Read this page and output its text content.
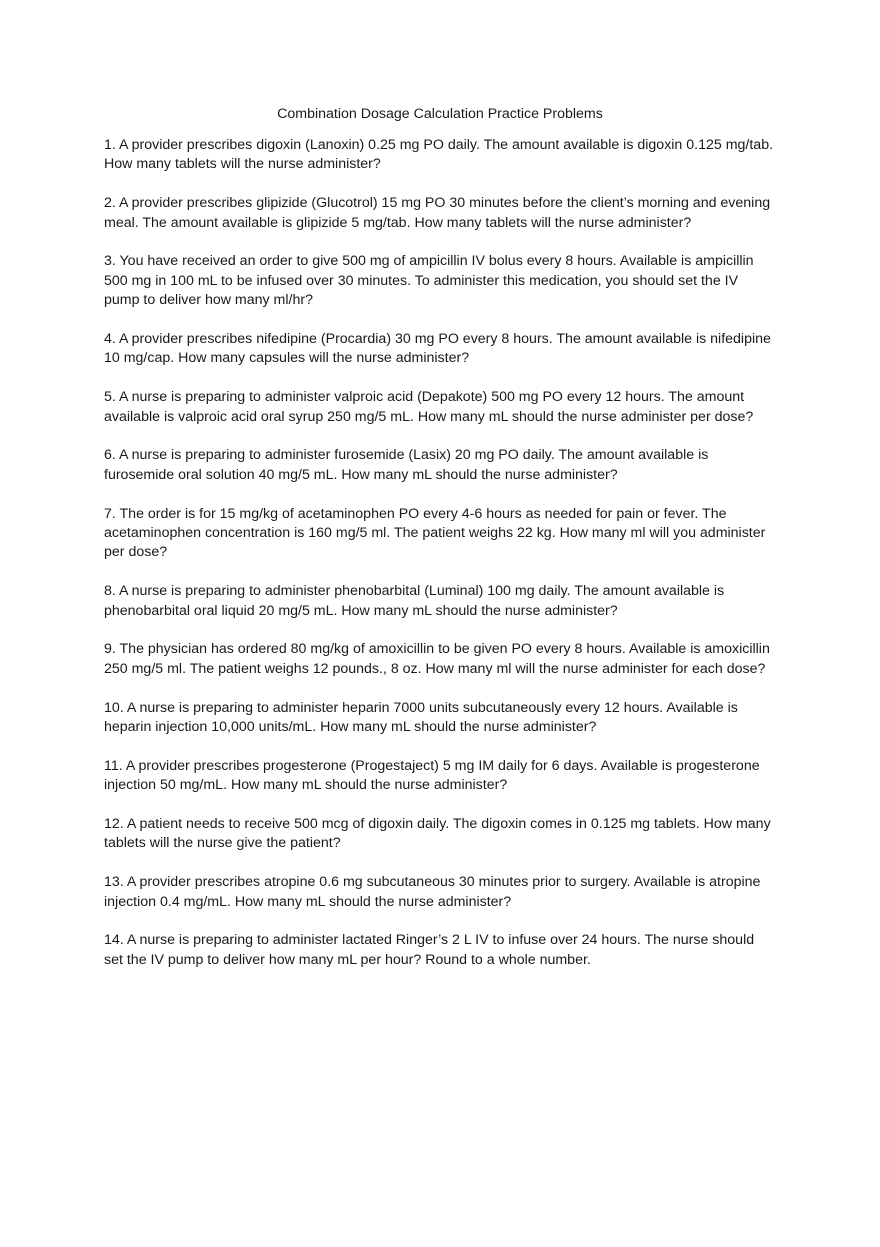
Combination Dosage Calculation Practice Problems
1. A provider prescribes digoxin (Lanoxin) 0.25 mg PO daily. The amount available is digoxin 0.125 mg/tab. How many tablets will the nurse administer?
2. A provider prescribes glipizide (Glucotrol) 15 mg PO 30 minutes before the client’s morning and evening meal. The amount available is glipizide 5 mg/tab. How many tablets will the nurse administer?
3. You have received an order to give 500 mg of ampicillin IV bolus every 8 hours. Available is ampicillin 500 mg in 100 mL to be infused over 30 minutes. To administer this medication, you should set the IV pump to deliver how many ml/hr?
4. A provider prescribes nifedipine (Procardia) 30 mg PO every 8 hours. The amount available is nifedipine 10 mg/cap. How many capsules will the nurse administer?
5. A nurse is preparing to administer valproic acid (Depakote) 500 mg PO every 12 hours. The amount available is valproic acid oral syrup 250 mg/5 mL. How many mL should the nurse administer per dose?
6. A nurse is preparing to administer furosemide (Lasix) 20 mg PO daily. The amount available is furosemide oral solution 40 mg/5 mL. How many mL should the nurse administer?
7. The order is for 15 mg/kg of acetaminophen PO every 4-6 hours as needed for pain or fever. The acetaminophen concentration is 160 mg/5 ml. The patient weighs 22 kg. How many ml will you administer per dose?
8. A nurse is preparing to administer phenobarbital (Luminal) 100 mg daily. The amount available is phenobarbital oral liquid 20 mg/5 mL. How many mL should the nurse administer?
9. The physician has ordered 80 mg/kg of amoxicillin to be given PO every 8 hours. Available is amoxicillin 250 mg/5 ml. The patient weighs 12 pounds., 8 oz. How many ml will the nurse administer for each dose?
10. A nurse is preparing to administer heparin 7000 units subcutaneously every 12 hours. Available is heparin injection 10,000 units/mL. How many mL should the nurse administer?
11. A provider prescribes progesterone (Progestaject) 5 mg IM daily for 6 days. Available is progesterone injection 50 mg/mL. How many mL should the nurse administer?
12. A patient needs to receive 500 mcg of digoxin daily. The digoxin comes in 0.125 mg tablets. How many tablets will the nurse give the patient?
13. A provider prescribes atropine 0.6 mg subcutaneous 30 minutes prior to surgery. Available is atropine injection 0.4 mg/mL. How many mL should the nurse administer?
14. A nurse is preparing to administer lactated Ringer’s 2 L IV to infuse over 24 hours. The nurse should set the IV pump to deliver how many mL per hour? Round to a whole number.
